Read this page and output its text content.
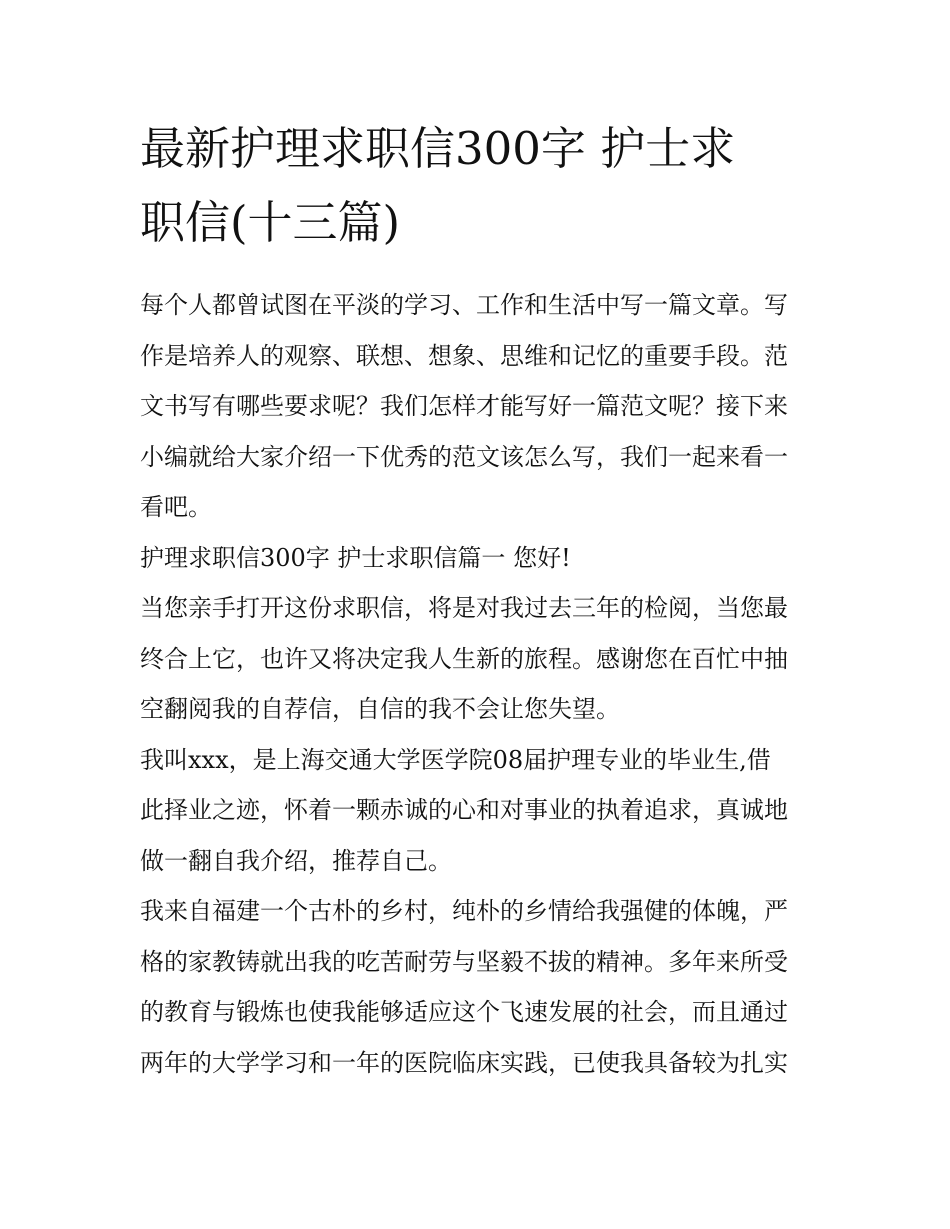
最新护理求职信300字 护士求
职信(十三篇)
每个人都曾试图在平淡的学习、工作和生活中写一篇文章。写
作是培养人的观察、联想、想象、思维和记忆的重要手段。范
文书写有哪些要求呢？我们怎样才能写好一篇范文呢？接下来
小编就给大家介绍一下优秀的范文该怎么写，我们一起来看一
看吧。
护理求职信300字 护士求职信篇一 您好!
当您亲手打开这份求职信，将是对我过去三年的检阅，当您最
终合上它，也许又将决定我人生新的旅程。感谢您在百忙中抽
空翻阅我的自荐信，自信的我不会让您失望。
我叫xxx，是上海交通大学医学院08届护理专业的毕业生,借
此择业之迹，怀着一颗赤诚的心和对事业的执着追求，真诚地
做一翻自我介绍，推荐自己。
我来自福建一个古朴的乡村，纯朴的乡情给我强健的体魄，严
格的家教铸就出我的吃苦耐劳与坚毅不拔的精神。多年来所受
的教育与锻炼也使我能够适应这个飞速发展的社会，而且通过
两年的大学学习和一年的医院临床实践，已使我具备较为扎实
